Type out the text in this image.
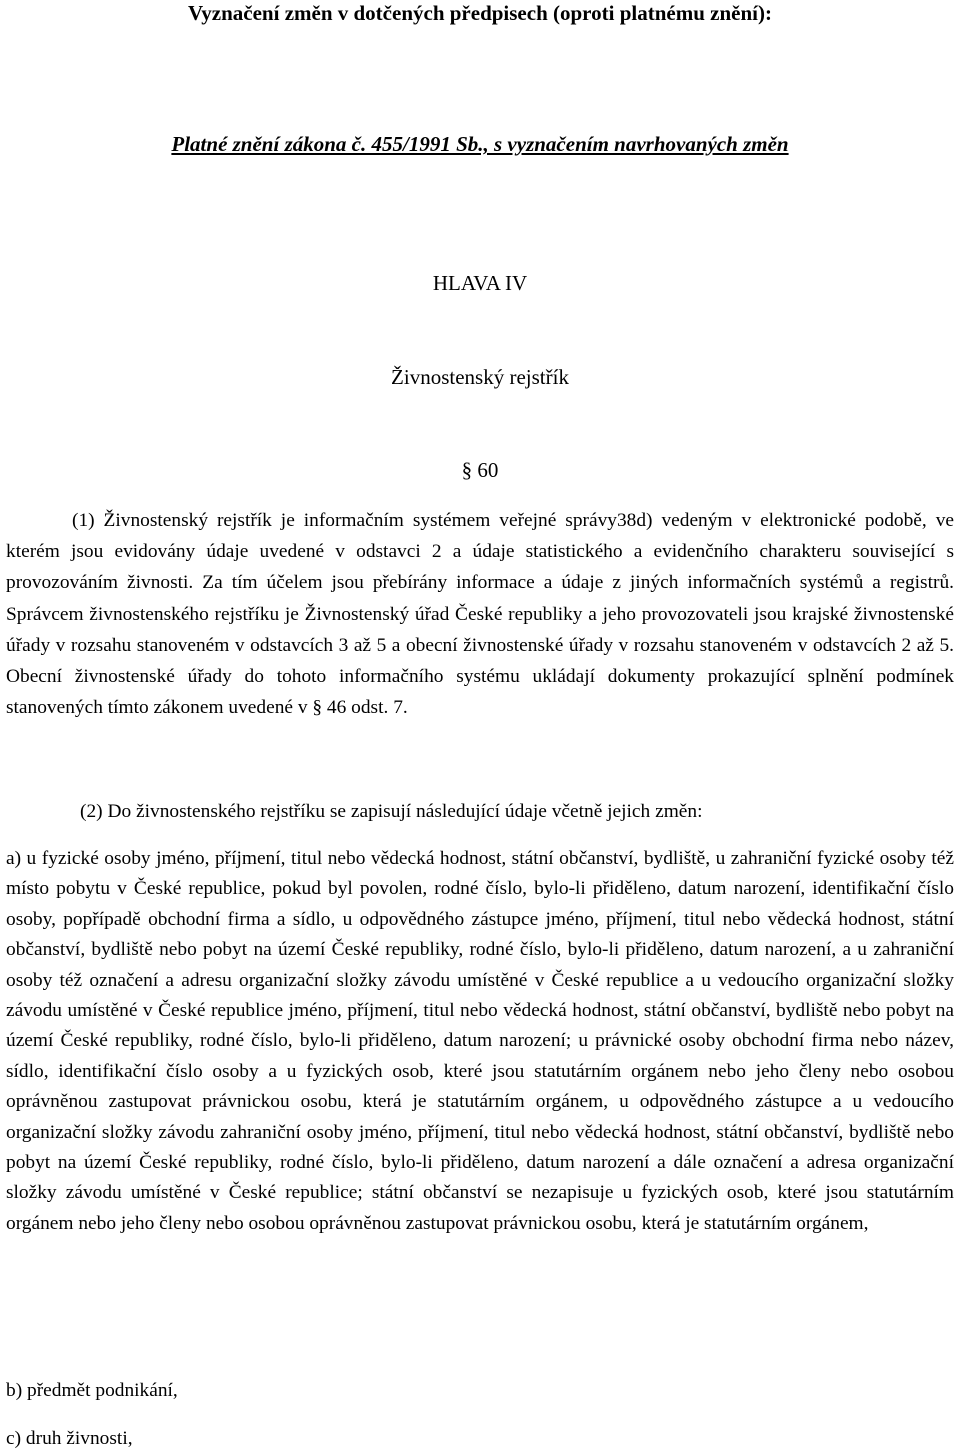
Vyznačení změn v dotčených předpisech (oproti platnému znění):
Platné znění zákona č. 455/1991 Sb., s vyznačením navrhovaných změn
HLAVA IV
Živnostenský rejstřík
§ 60
(1) Živnostenský rejstřík je informačním systémem veřejné správy38d) vedeným v elektronické podobě, ve kterém jsou evidovány údaje uvedené v odstavci 2 a údaje statistického a evidenčního charakteru související s provozováním živnosti. Za tím účelem jsou přebírány informace a údaje z jiných informačních systémů a registrů. Správcem živnostenského rejstříku je Živnostenský úřad České republiky a jeho provozovateli jsou krajské živnostenské úřady v rozsahu stanoveném v odstavcích 3 až 5 a obecní živnostenské úřady v rozsahu stanoveném v odstavcích 2 až 5. Obecní živnostenské úřady do tohoto informačního systému ukládají dokumenty prokazující splnění podmínek stanovených tímto zákonem uvedené v § 46 odst. 7.
(2) Do živnostenského rejstříku se zapisují následující údaje včetně jejich změn:
a) u fyzické osoby jméno, příjmení, titul nebo vědecká hodnost, státní občanství, bydliště, u zahraniční fyzické osoby též místo pobytu v České republice, pokud byl povolen, rodné číslo, bylo-li přiděleno, datum narození, identifikační číslo osoby, popřípadě obchodní firma a sídlo, u odpovědného zástupce jméno, příjmení, titul nebo vědecká hodnost, státní občanství, bydliště nebo pobyt na území České republiky, rodné číslo, bylo-li přiděleno, datum narození, a u zahraniční osoby též označení a adresu organizační složky závodu umístěné v České republice a u vedoucího organizační složky závodu umístěné v České republice jméno, příjmení, titul nebo vědecká hodnost, státní občanství, bydliště nebo pobyt na území České republiky, rodné číslo, bylo-li přiděleno, datum narození; u právnické osoby obchodní firma nebo název, sídlo, identifikační číslo osoby a u fyzických osob, které jsou statutárním orgánem nebo jeho členy nebo osobou oprávněnou zastupovat právnickou osobu, která je statutárním orgánem, u odpovědného zástupce a u vedoucího organizační složky závodu zahraniční osoby jméno, příjmení, titul nebo vědecká hodnost, státní občanství, bydliště nebo pobyt na území České republiky, rodné číslo, bylo-li přiděleno, datum narození a dále označení a adresa organizační složky závodu umístěné v České republice; státní občanství se nezapisuje u fyzických osob, které jsou statutárním orgánem nebo jeho členy nebo osobou oprávněnou zastupovat právnickou osobu, která je statutárním orgánem,
b) předmět podnikání,
c) druh živnosti,
